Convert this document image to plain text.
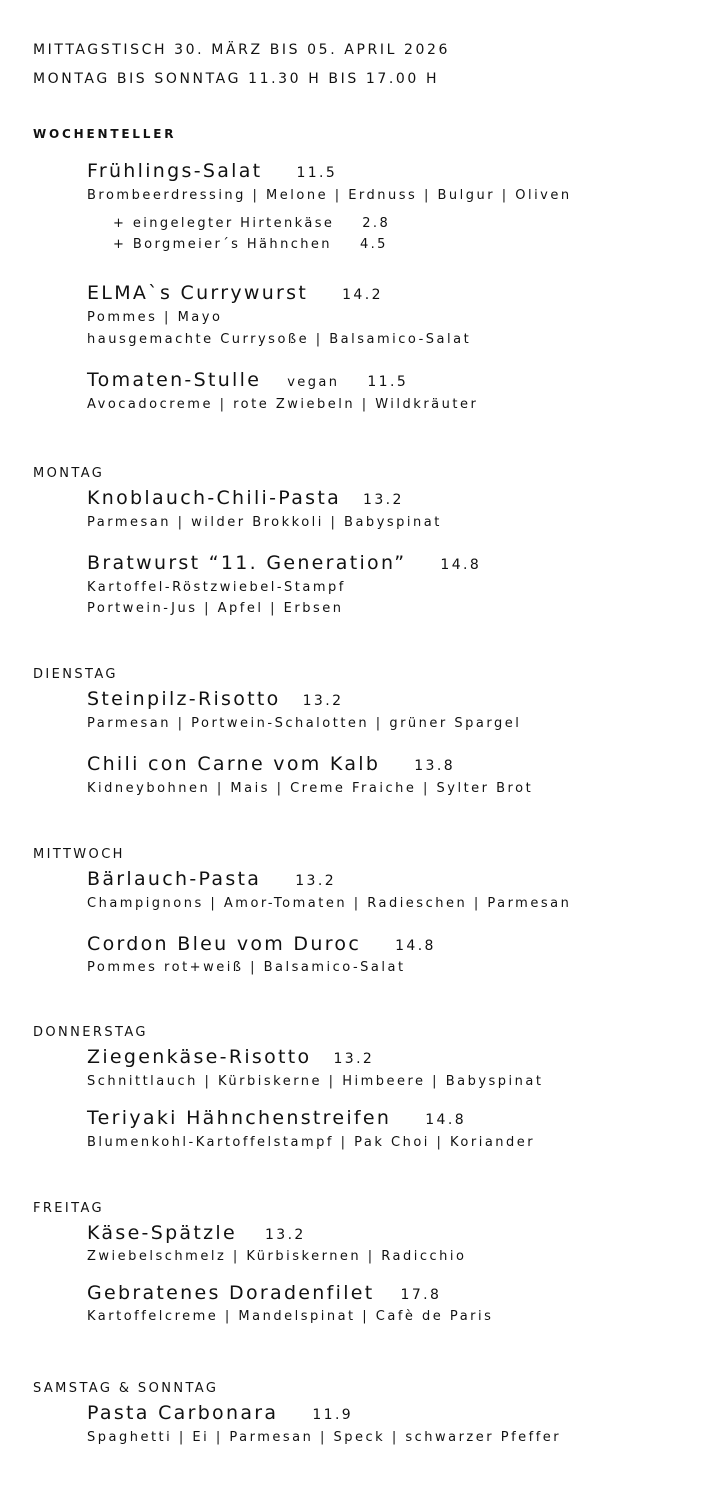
MITTAGSTISCH 30. MÄRZ BIS 05. APRIL 2026
MONTAG BIS SONNTAG 11.30 H BIS 17.00 H
WOCHENTELLER
Frühlings-Salat 11.5
Brombeerdressing | Melone | Erdnuss | Bulgur | Oliven
+ eingelegter Hirtenkäse 2.8
+ Borgmeier´s Hähnchen 4.5
ELMA`s Currywurst 14.2
Pommes | Mayo
hausgemachte Currysoße | Balsamico-Salat
Tomaten-Stulle vegan 11.5
Avocadocreme | rote Zwiebeln | Wildkräuter
MONTAG
Knoblauch-Chili-Pasta 13.2
Parmesan | wilder Brokkoli | Babyspinat
Bratwurst “11. Generation” 14.8
Kartoffel-Röstzwiebel-Stampf
Portwein-Jus | Apfel | Erbsen
DIENSTAG
Steinpilz-Risotto 13.2
Parmesan | Portwein-Schalotten | grüner Spargel
Chili con Carne vom Kalb 13.8
Kidneybohnen | Mais | Creme Fraiche | Sylter Brot
MITTWOCH
Bärlauch-Pasta 13.2
Champignons | Amor-Tomaten | Radieschen | Parmesan
Cordon Bleu vom Duroc 14.8
Pommes rot+weiß | Balsamico-Salat
DONNERSTAG
Ziegenkäse-Risotto 13.2
Schnittlauch | Kürbiskerne | Himbeere | Babyspinat
Teriyaki Hähnchenstreifen 14.8
Blumenkohl-Kartoffelstampf | Pak Choi | Koriander
FREITAG
Käse-Spätzle 13.2
Zwiebelschmelz | Kürbiskernen | Radicchio
Gebratenes Doradenfilet 17.8
Kartoffelcreme | Mandelspinat | Cafè de Paris
SAMSTAG & SONNTAG
Pasta Carbonara 11.9
Spaghetti | Ei | Parmesan | Speck | schwarzer Pfeffer
